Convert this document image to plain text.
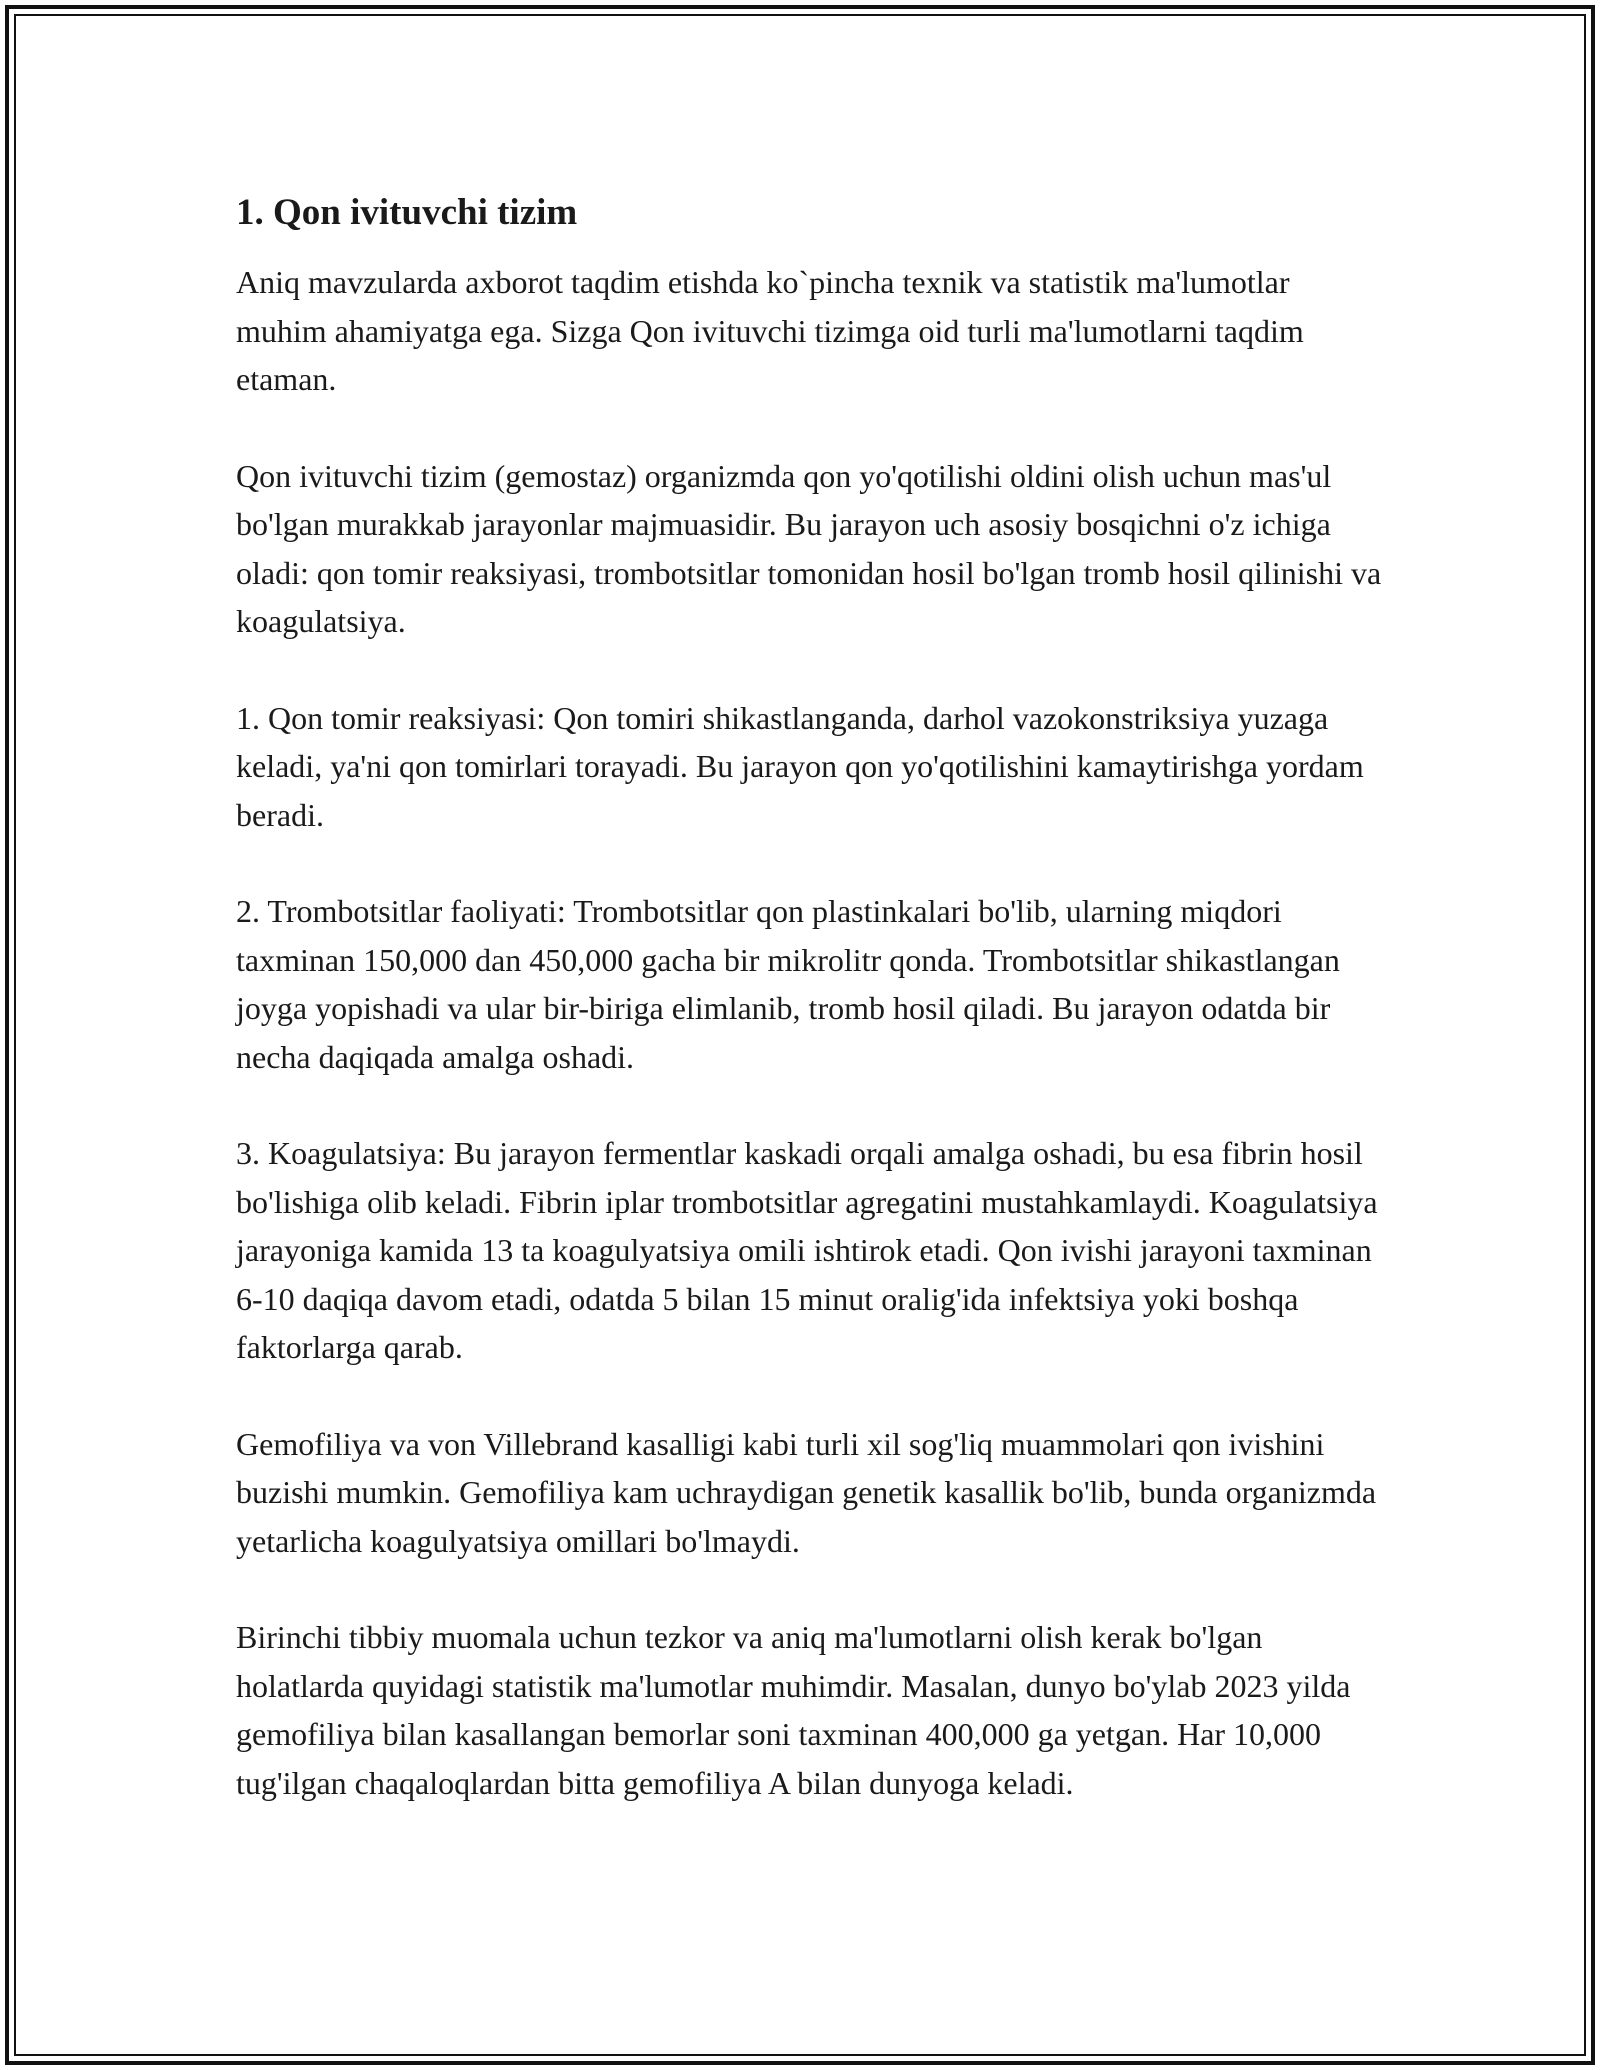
1. Qon ivituvchi tizim

Aniq mavzularda axborot taqdim etishda ko`pincha texnik va statistik ma'lumotlar muhim ahamiyatga ega. Sizga Qon ivituvchi tizimga oid turli ma'lumotlarni taqdim etaman.

Qon ivituvchi tizim (gemostaz) organizmda qon yo'qotilishi oldini olish uchun mas'ul bo'lgan murakkab jarayonlar majmuasidir. Bu jarayon uch asosiy bosqichni o'z ichiga oladi: qon tomir reaksiyasi, trombotsitlar tomonidan hosil bo'lgan tromb hosil qilinishi va koagulatsiya.

1. Qon tomir reaksiyasi: Qon tomiri shikastlanganda, darhol vazokonstriksiya yuzaga keladi, ya'ni qon tomirlari torayadi. Bu jarayon qon yo'qotilishini kamaytirishga yordam beradi.

2. Trombotsitlar faoliyati: Trombotsitlar qon plastinkalari bo'lib, ularning miqdori taxminan 150,000 dan 450,000 gacha bir mikrolitr qonda. Trombotsitlar shikastlangan joyga yopishadi va ular bir-biriga elimlanib, tromb hosil qiladi. Bu jarayon odatda bir necha daqiqada amalga oshadi.

3. Koagulatsiya: Bu jarayon fermentlar kaskadi orqali amalga oshadi, bu esa fibrin hosil bo'lishiga olib keladi. Fibrin iplar trombotsitlar agregatini mustahkamlaydi. Koagulatsiya jarayoniga kamida 13 ta koagulyatsiya omili ishtirok etadi. Qon ivishi jarayoni taxminan 6-10 daqiqa davom etadi, odatda 5 bilan 15 minut oralig'ida infektsiya yoki boshqa faktorlarga qarab.

Gemofiliya va von Villebrand kasalligi kabi turli xil sog'liq muammolari qon ivishini buzishi mumkin. Gemofiliya kam uchraydigan genetik kasallik bo'lib, bunda organizmda yetarlicha koagulyatsiya omillari bo'lmaydi.

Birinchi tibbiy muomala uchun tezkor va aniq ma'lumotlarni olish kerak bo'lgan holatlarda quyidagi statistik ma'lumotlar muhimdir. Masalan, dunyo bo'ylab 2023 yilda gemofiliya bilan kasallangan bemorlar soni taxminan 400,000 ga yetgan. Har 10,000 tug'ilgan chaqaloqlardan bitta gemofiliya A bilan dunyoga keladi.
